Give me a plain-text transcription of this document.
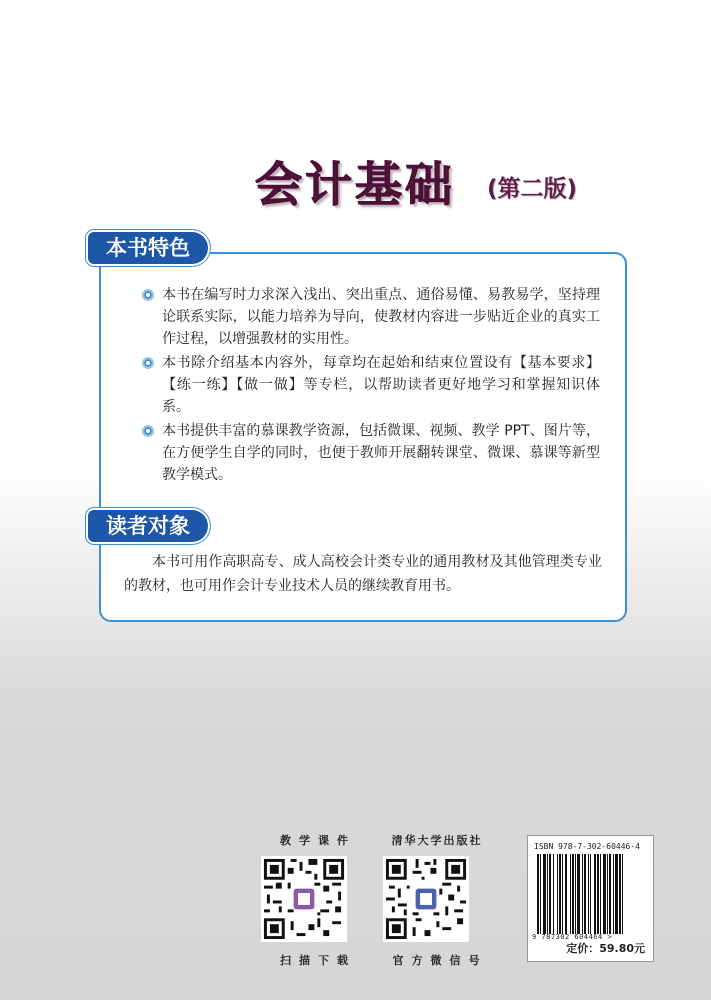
会计基础 (第二版)
本书特色
本书在编写时力求深入浅出、突出重点、通俗易懂、易教易学，坚持理论联系实际，以能力培养为导向，使教材内容进一步贴近企业的真实工作过程，以增强教材的实用性。
本书除介绍基本内容外，每章均在起始和结束位置设有【基本要求】【练一练】【做一做】等专栏，以帮助读者更好地学习和掌握知识体系。
本书提供丰富的慕课教学资源，包括微课、视频、教学 PPT、图片等，在方便学生自学的同时，也便于教师开展翻转课堂、微课、慕课等新型教学模式。
读者对象

本书可用作高职高专、成人高校会计类专业的通用教材及其他管理类专业的教材，也可用作会计专业技术人员的继续教育用书。

教学课件
扫描下载
清华大学出版社
官方微信号
ISBN 978-7-302-60446-4
9 787302 604464 >
定价：59.80元
